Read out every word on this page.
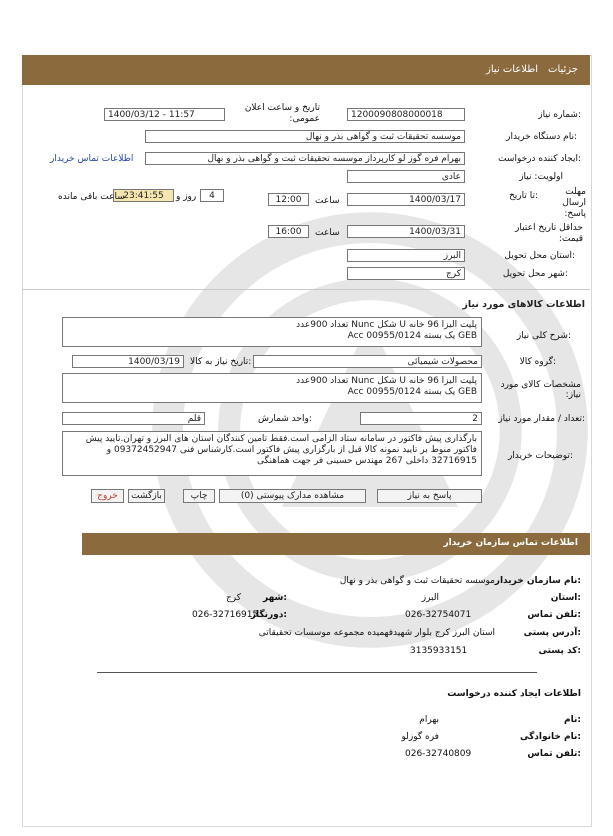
جزئیات
اطلاعات نیاز
شماره نیاز:
1200090808000018
تاریخ و ساعت اعلان عمومی:
1400/03/12 - 11:57
نام دستگاه خریدار:
موسسه تحقیقات ثبت و گواهی بذر و نهال
ایجاد کننده درخواست:
بهرام فره گوز لو کارپرداز موسسه تحقیقات ثبت و گواهی بذر و نهال
اطلاعات تماس خریدار
اولویت: نیاز
عادی
مهلت ارسال پاسخ:
تا تاریخ:
1400/03/17
ساعت
12:00
4
روز و
23:41:55
ساعت باقی مانده
حداقل تاریخ اعتبار قیمت:
1400/03/31
ساعت
16:00
استان محل تحویل:
البرز
شهر محل تحویل:
کرج
اطلاعات کالاهای مورد نیاز
شرح کلی نیاز:
پلیت الیزا 96 خانه U شکل Nunc تعداد 900عدد
GEB یک بسته Acc 00955/0124
گروه کالا:
محصولات شیمیائی
تاریخ نیاز به کالا:
1400/03/19
مشخصات کالای مورد نیاز:
پلیت الیزا 96 خانه U شکل Nunc تعداد 900عدد
GEB یک بسته Acc 00955/0124
تعداد / مقدار مورد نیاز:
2
واحد شمارش:
قلم
توضیحات خریدار:
بارگذاری پیش فاکتور در سامانه ستاد الزامی است.فقط تامین کنندگان استان های البرز و تهران.تایید پیش فاکتور منوط بر تایید نمونه کالا قبل از بارگزاری پیش فاکتور است.کارشناس فنی 09372452947 و 32716915 داخلی 267 مهندس حسینی فر جهت هماهنگی
پاسخ به نیاز
مشاهده مدارک پیوستی (0)
چاپ
بازگشت
خروج
اطلاعات تماس سازمان خریدار
نام سازمان خریدار:
موسسه تحقیقات ثبت و گواهی بذر و نهال
استان:
البرز
شهر:
کرج
تلفن تماس:
026-32754071
دورنگار:
026-32716915
آدرس پستی:
استان البرز کرج بلوار شهیدفهمیده مجموعه موسسات تحقیقاتی
کد پستی:
3135933151
اطلاعات ایجاد کننده درخواست
نام:
بهرام
نام خانوادگی:
فره گوزلو
تلفن تماس:
026-32740809
